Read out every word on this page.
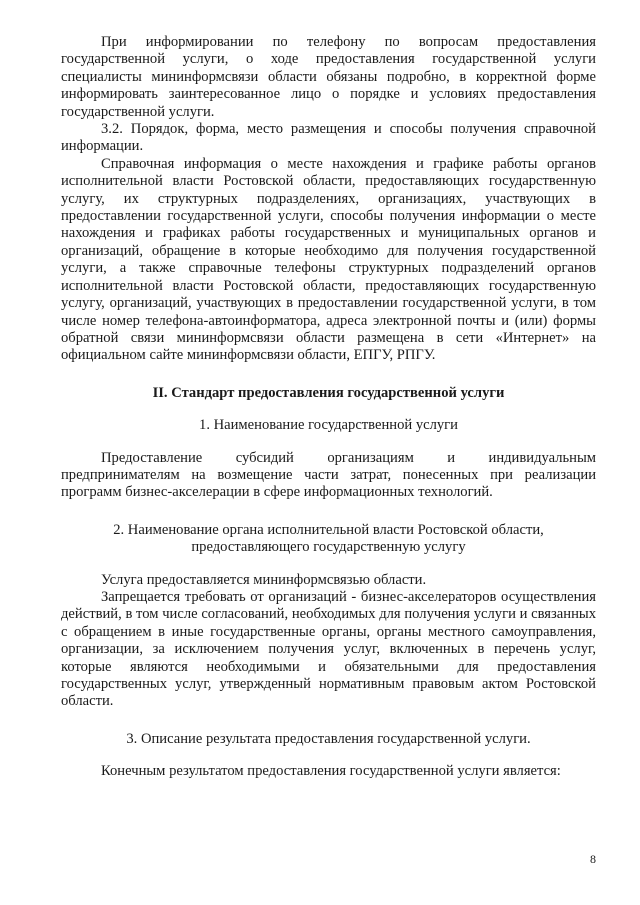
При информировании по телефону по вопросам предоставления государственной услуги, о ходе предоставления государственной услуги специалисты мининформсвязи области обязаны подробно, в корректной форме информировать заинтересованное лицо о порядке и условиях предоставления государственной услуги.

3.2. Порядок, форма, место размещения и способы получения справочной информации.

Справочная информация о месте нахождения и графике работы органов исполнительной власти Ростовской области, предоставляющих государственную услугу, их структурных подразделениях, организациях, участвующих в предоставлении государственной услуги, способы получения информации о месте нахождения и графиках работы государственных и муниципальных органов и организаций, обращение в которые необходимо для получения государственной услуги, а также справочные телефоны структурных подразделений органов исполнительной власти Ростовской области, предоставляющих государственную услугу, организаций, участвующих в предоставлении государственной услуги, в том числе номер телефона-автоинформатора, адреса электронной почты и (или) формы обратной связи мининформсвязи области размещена в сети «Интернет» на официальном сайте мининформсвязи области, ЕПГУ, РПГУ.

II. Стандарт предоставления государственной услуги

1. Наименование государственной услуги

Предоставление субсидий организациям и индивидуальным предпринимателям на возмещение части затрат, понесенных при реализации программ бизнес-акселерации в сфере информационных технологий.

2. Наименование органа исполнительной власти Ростовской области,

предоставляющего государственную услугу

Услуга предоставляется мининформсвязью области.

Запрещается требовать от организаций - бизнес-акселераторов осуществления действий, в том числе согласований, необходимых для получения услуги и связанных с обращением в иные государственные органы, органы местного самоуправления, организации, за исключением получения услуг, включенных в перечень услуг, которые являются необходимыми и обязательными для предоставления государственных услуг, утвержденный нормативным правовым актом Ростовской области.

3. Описание результата предоставления государственной услуги.

Конечным результатом предоставления государственной услуги является:

8
